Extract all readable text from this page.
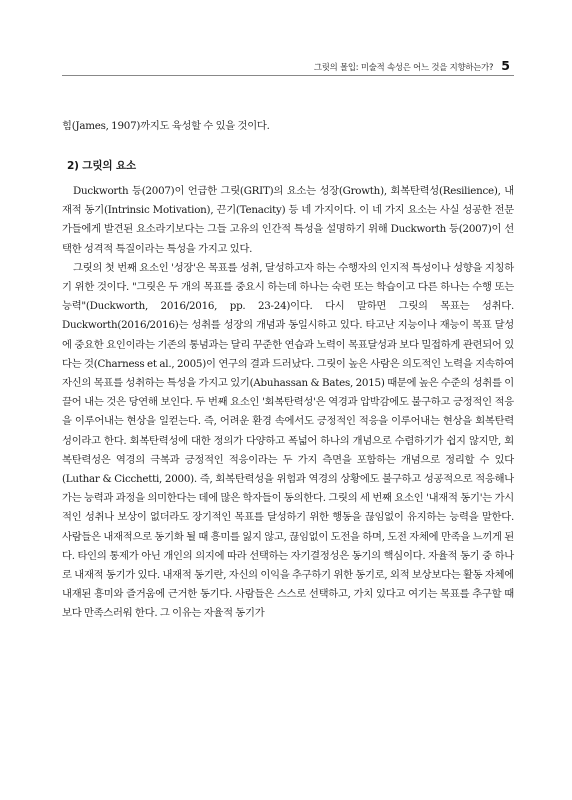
그릿의 몰입: 미술적 속성은 어느 것을 지향하는가? 5
힘(James, 1907)까지도 육성할 수 있을 것이다.
2) 그릿의 요소

Duckworth 등(2007)이 언급한 그릿(GRIT)의 요소는 성장(Growth), 회복탄력성(Resilience), 내재적 동기(Intrinsic Motivation), 끈기(Tenacity) 등 네 가지이다. 이 네 가지 요소는 사실 성공한 전문가들에게 발견된 요소라기보다는 그들 고유의 인간적 특성을 설명하기 위해 Duckworth 등(2007)이 선택한 성격적 특질이라는 특성을 가지고 있다.

그릿의 첫 번째 요소인 '성장'은 목표를 성취, 달성하고자 하는 수행자의 인지적 특성이나 성향을 지칭하기 위한 것이다. "그릿은 두 개의 목표를 중요시 하는데 하나는 숙련 또는 학습이고 다른 하나는 수행 또는 능력"(Duckworth, 2016/2016, pp. 23-24)이다. 다시 말하면 그릿의 목표는 성취다. Duckworth(2016/2016)는 성취를 성장의 개념과 동일시하고 있다. 타고난 지능이나 재능이 목표 달성에 중요한 요인이라는 기존의 통념과는 달리 꾸준한 연습과 노력이 목표달성과 보다 밀접하게 관련되어 있다는 것(Charness et al., 2005)이 연구의 결과 드러났다. 그릿이 높은 사람은 의도적인 노력을 지속하여 자신의 목표를 성취하는 특성을 가지고 있기(Abuhassan & Bates, 2015) 때문에 높은 수준의 성취를 이끌어 내는 것은 당연해 보인다. 두 번째 요소인 '회복탄력성'은 역경과 압박감에도 불구하고 긍정적인 적응을 이루어내는 현상을 일컫는다. 즉, 어려운 환경 속에서도 긍정적인 적응을 이루어내는 현상을 회복탄력성이라고 한다. 회복탄력성에 대한 정의가 다양하고 폭넓어 하나의 개념으로 수렴하기가 쉽지 않지만, 회복탄력성은 역경의 극복과 긍정적인 적응이라는 두 가지 측면을 포함하는 개념으로 정리할 수 있다(Luthar & Cicchetti, 2000). 즉, 회복탄력성을 위험과 역경의 상황에도 불구하고 성공적으로 적응해나가는 능력과 과정을 의미한다는 데에 많은 학자들이 동의한다. 그릿의 세 번째 요소인 '내재적 동기'는 가시적인 성취나 보상이 없더라도 장기적인 목표를 달성하기 위한 행동을 끊임없이 유지하는 능력을 말한다. 사람들은 내재적으로 동기화 될 때 흥미를 잃지 않고, 끊임없이 도전을 하며, 도전 자체에 만족을 느끼게 된다. 타인의 통제가 아닌 개인의 의지에 따라 선택하는 자기결정성은 동기의 핵심이다. 자율적 동기 중 하나로 내재적 동기가 있다. 내재적 동기란, 자신의 이익을 추구하기 위한 동기로, 외적 보상보다는 활동 자체에 내재된 흥미와 즐거움에 근거한 동기다. 사람들은 스스로 선택하고, 가치 있다고 여기는 목표를 추구할 때 보다 만족스러워 한다. 그 이유는 자율적 동기가
